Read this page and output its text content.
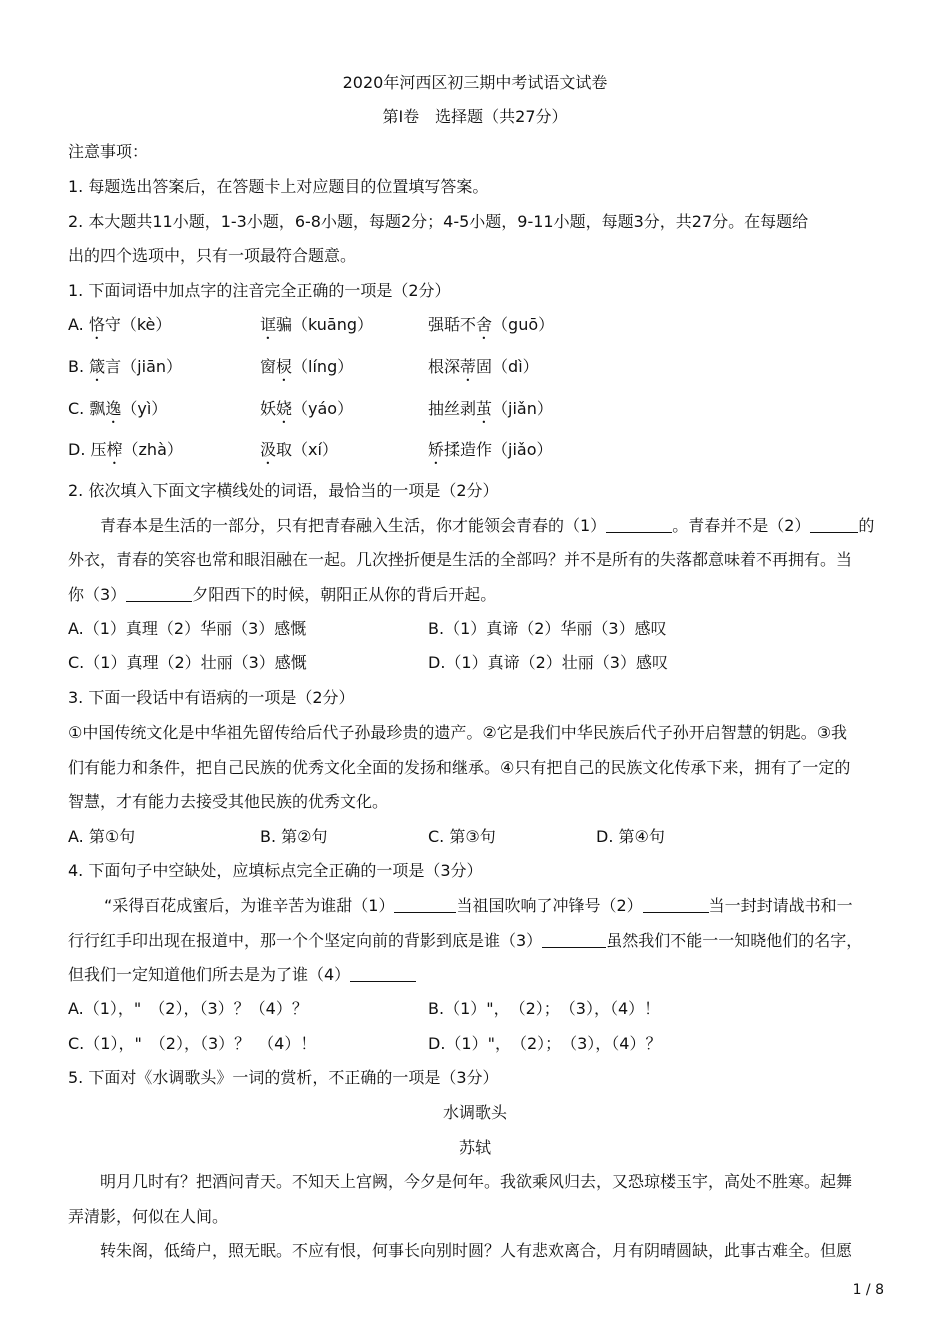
2020年河西区初三期中考试语文试卷
第Ⅰ卷　选择题（共27分）
注意事项：
1. 每题选出答案后，在答题卡上对应题目的位置填写答案。
2. 本大题共11小题，1-3小题，6-8小题，每题2分；4-5小题，9-11小题，每题3分，共27分。在每题给
出的四个选项中，只有一项最符合题意。
1. 下面词语中加点字的注音完全正确的一项是（2分）
A. 恪守（kè）	诓骗（kuāng）	强聒不舍（guō）
B. 箴言（jiān）	窗棂（líng）	根深蒂固（dì）
C. 飘逸（yì）	妖娆（yáo）	抽丝剥茧（jiǎn）
D. 压榨（zhà）	汲取（xí）	矫揉造作（jiǎo）
2. 依次填入下面文字横线处的词语，最恰当的一项是（2分）
青春本是生活的一部分，只有把青春融入生活，你才能领会青春的（1）	。青春并不是（2）	的
外衣，青春的笑容也常和眼泪融在一起。几次挫折便是生活的全部吗？并不是所有的失落都意味着不再拥有。当
你（3）	夕阳西下的时候，朝阳正从你的背后开起。
A.（1）真理（2）华丽（3）感慨	B.（1）真谛（2）华丽（3）感叹
C.（1）真理（2）壮丽（3）感慨	D.（1）真谛（2）壮丽（3）感叹
3. 下面一段话中有语病的一项是（2分）
①中国传统文化是中华祖先留传给后代子孙最珍贵的遗产。②它是我们中华民族后代子孙开启智慧的钥匙。③我
们有能力和条件，把自己民族的优秀文化全面的发扬和继承。④只有把自己的民族文化传承下来，拥有了一定的
智慧，才有能力去接受其他民族的优秀文化。
A. 第①句	B. 第②句	C. 第③句	D. 第④句
4. 下面句子中空缺处，应填标点完全正确的一项是（3分）
“采得百花成蜜后，为谁辛苦为谁甜（1）	当祖国吹响了冲锋号（2）	当一封封请战书和一
行行红手印出现在报道中，那一个个坚定向前的背影到底是谁（3）	虽然我们不能一一知晓他们的名字，
但我们一定知道他们所去是为了谁（4）
A.（1），"　（2），（3）？（4）？	B.（1）"，　（2）；　（3），（4）！
C.（1），"　（2），（3）？　（4）！	D.（1）"，　（2）；　（3），（4）？
5. 下面对《水调歌头》一词的赏析，不正确的一项是（3分）
水调歌头
苏轼
明月几时有？把酒问青天。不知天上宫阙，今夕是何年。我欲乘风归去，又恐琼楼玉宇，高处不胜寒。起舞
弄清影，何似在人间。
转朱阁，低绮户，照无眠。不应有恨，何事长向别时圆？人有悲欢离合，月有阴晴圆缺，此事古难全。但愿
1 / 8
